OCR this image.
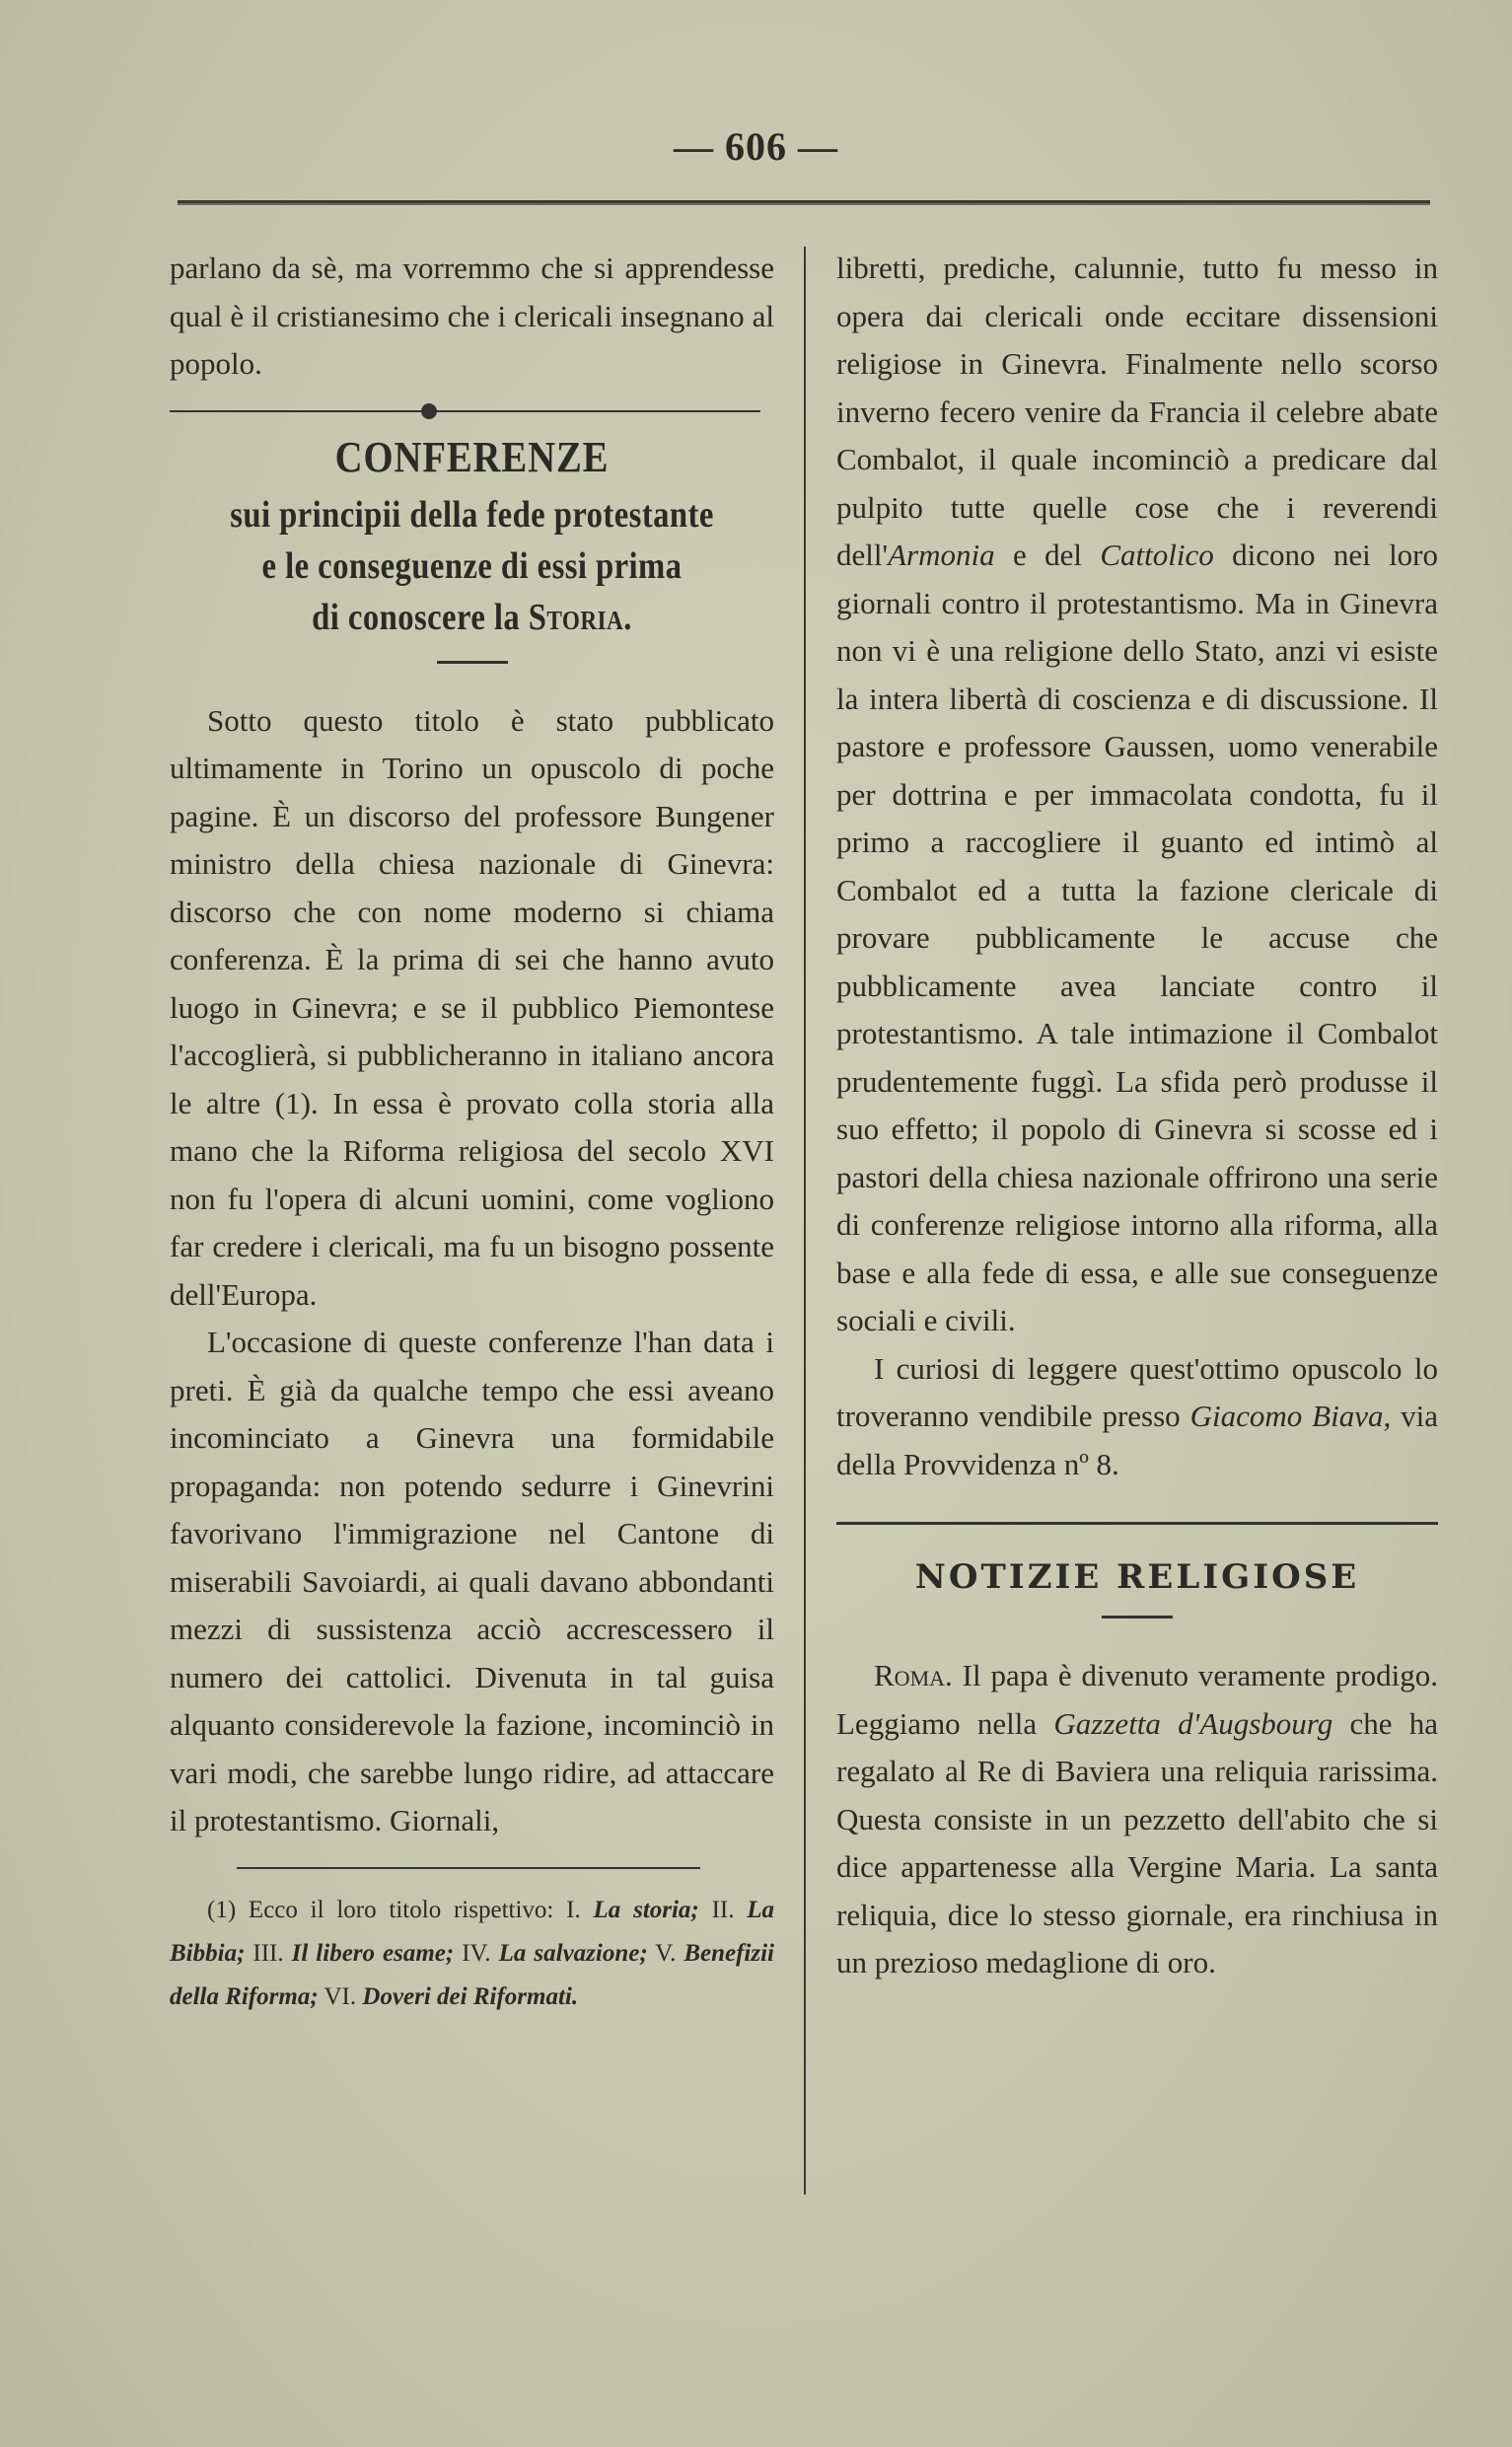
— 606 —

parlano da sè, ma vorremmo che si apprendesse qual è il cristianesimo che i clericali insegnano al popolo.

CONFERENZE
sui principii della fede protestante
e le conseguenze di essi prima
di conoscere la Storia.

Sotto questo titolo è stato pubblicato ultimamente in Torino un opuscolo di poche pagine. È un discorso del professore Bungener ministro della chiesa nazionale di Ginevra: discorso che con nome moderno si chiama conferenza. È la prima di sei che hanno avuto luogo in Ginevra; e se il pubblico Piemontese l'accoglierà, si pubblicheranno in italiano ancora le altre (1). In essa è provato colla storia alla mano che la Riforma religiosa del secolo XVI non fu l'opera di alcuni uomini, come vogliono far credere i clericali, ma fu un bisogno possente dell'Europa.

L'occasione di queste conferenze l'han data i preti. È già da qualche tempo che essi aveano incominciato a Ginevra una formidabile propaganda: non potendo sedurre i Ginevrini favorivano l'immigrazione nel Cantone di miserabili Savoiardi, ai quali davano abbondanti mezzi di sussistenza acciò accrescessero il numero dei cattolici. Divenuta in tal guisa alquanto considerevole la fazione, incominciò in vari modi, che sarebbe lungo ridire, ad attaccare il protestantismo. Giornali,

(1) Ecco il loro titolo rispettivo: I. La storia; II. La Bibbia; III. Il libero esame; IV. La salvazione; V. Benefizii della Riforma; VI. Doveri dei Riformati.

libretti, prediche, calunnie, tutto fu messo in opera dai clericali onde eccitare dissensioni religiose in Ginevra. Finalmente nello scorso inverno fecero venire da Francia il celebre abate Combalot, il quale incominciò a predicare dal pulpito tutte quelle cose che i reverendi dell'Armonia e del Cattolico dicono nei loro giornali contro il protestantismo. Ma in Ginevra non vi è una religione dello Stato, anzi vi esiste la intera libertà di coscienza e di discussione. Il pastore e professore Gaussen, uomo venerabile per dottrina e per immacolata condotta, fu il primo a raccogliere il guanto ed intimò al Combalot ed a tutta la fazione clericale di provare pubblicamente le accuse che pubblicamente avea lanciate contro il protestantismo. A tale intimazione il Combalot prudentemente fuggì. La sfida però produsse il suo effetto; il popolo di Ginevra si scosse ed i pastori della chiesa nazionale offrirono una serie di conferenze religiose intorno alla riforma, alla base e alla fede di essa, e alle sue conseguenze sociali e civili.

I curiosi di leggere quest'ottimo opuscolo lo troveranno vendibile presso Giacomo Biava, via della Provvidenza nº 8.

NOTIZIE RELIGIOSE

Roma. Il papa è divenuto veramente prodigo. Leggiamo nella Gazzetta d'Augsbourg che ha regalato al Re di Baviera una reliquia rarissima. Questa consiste in un pezzetto dell'abito che si dice appartenesse alla Vergine Maria. La santa reliquia, dice lo stesso giornale, era rinchiusa in un prezioso medaglione di oro.
